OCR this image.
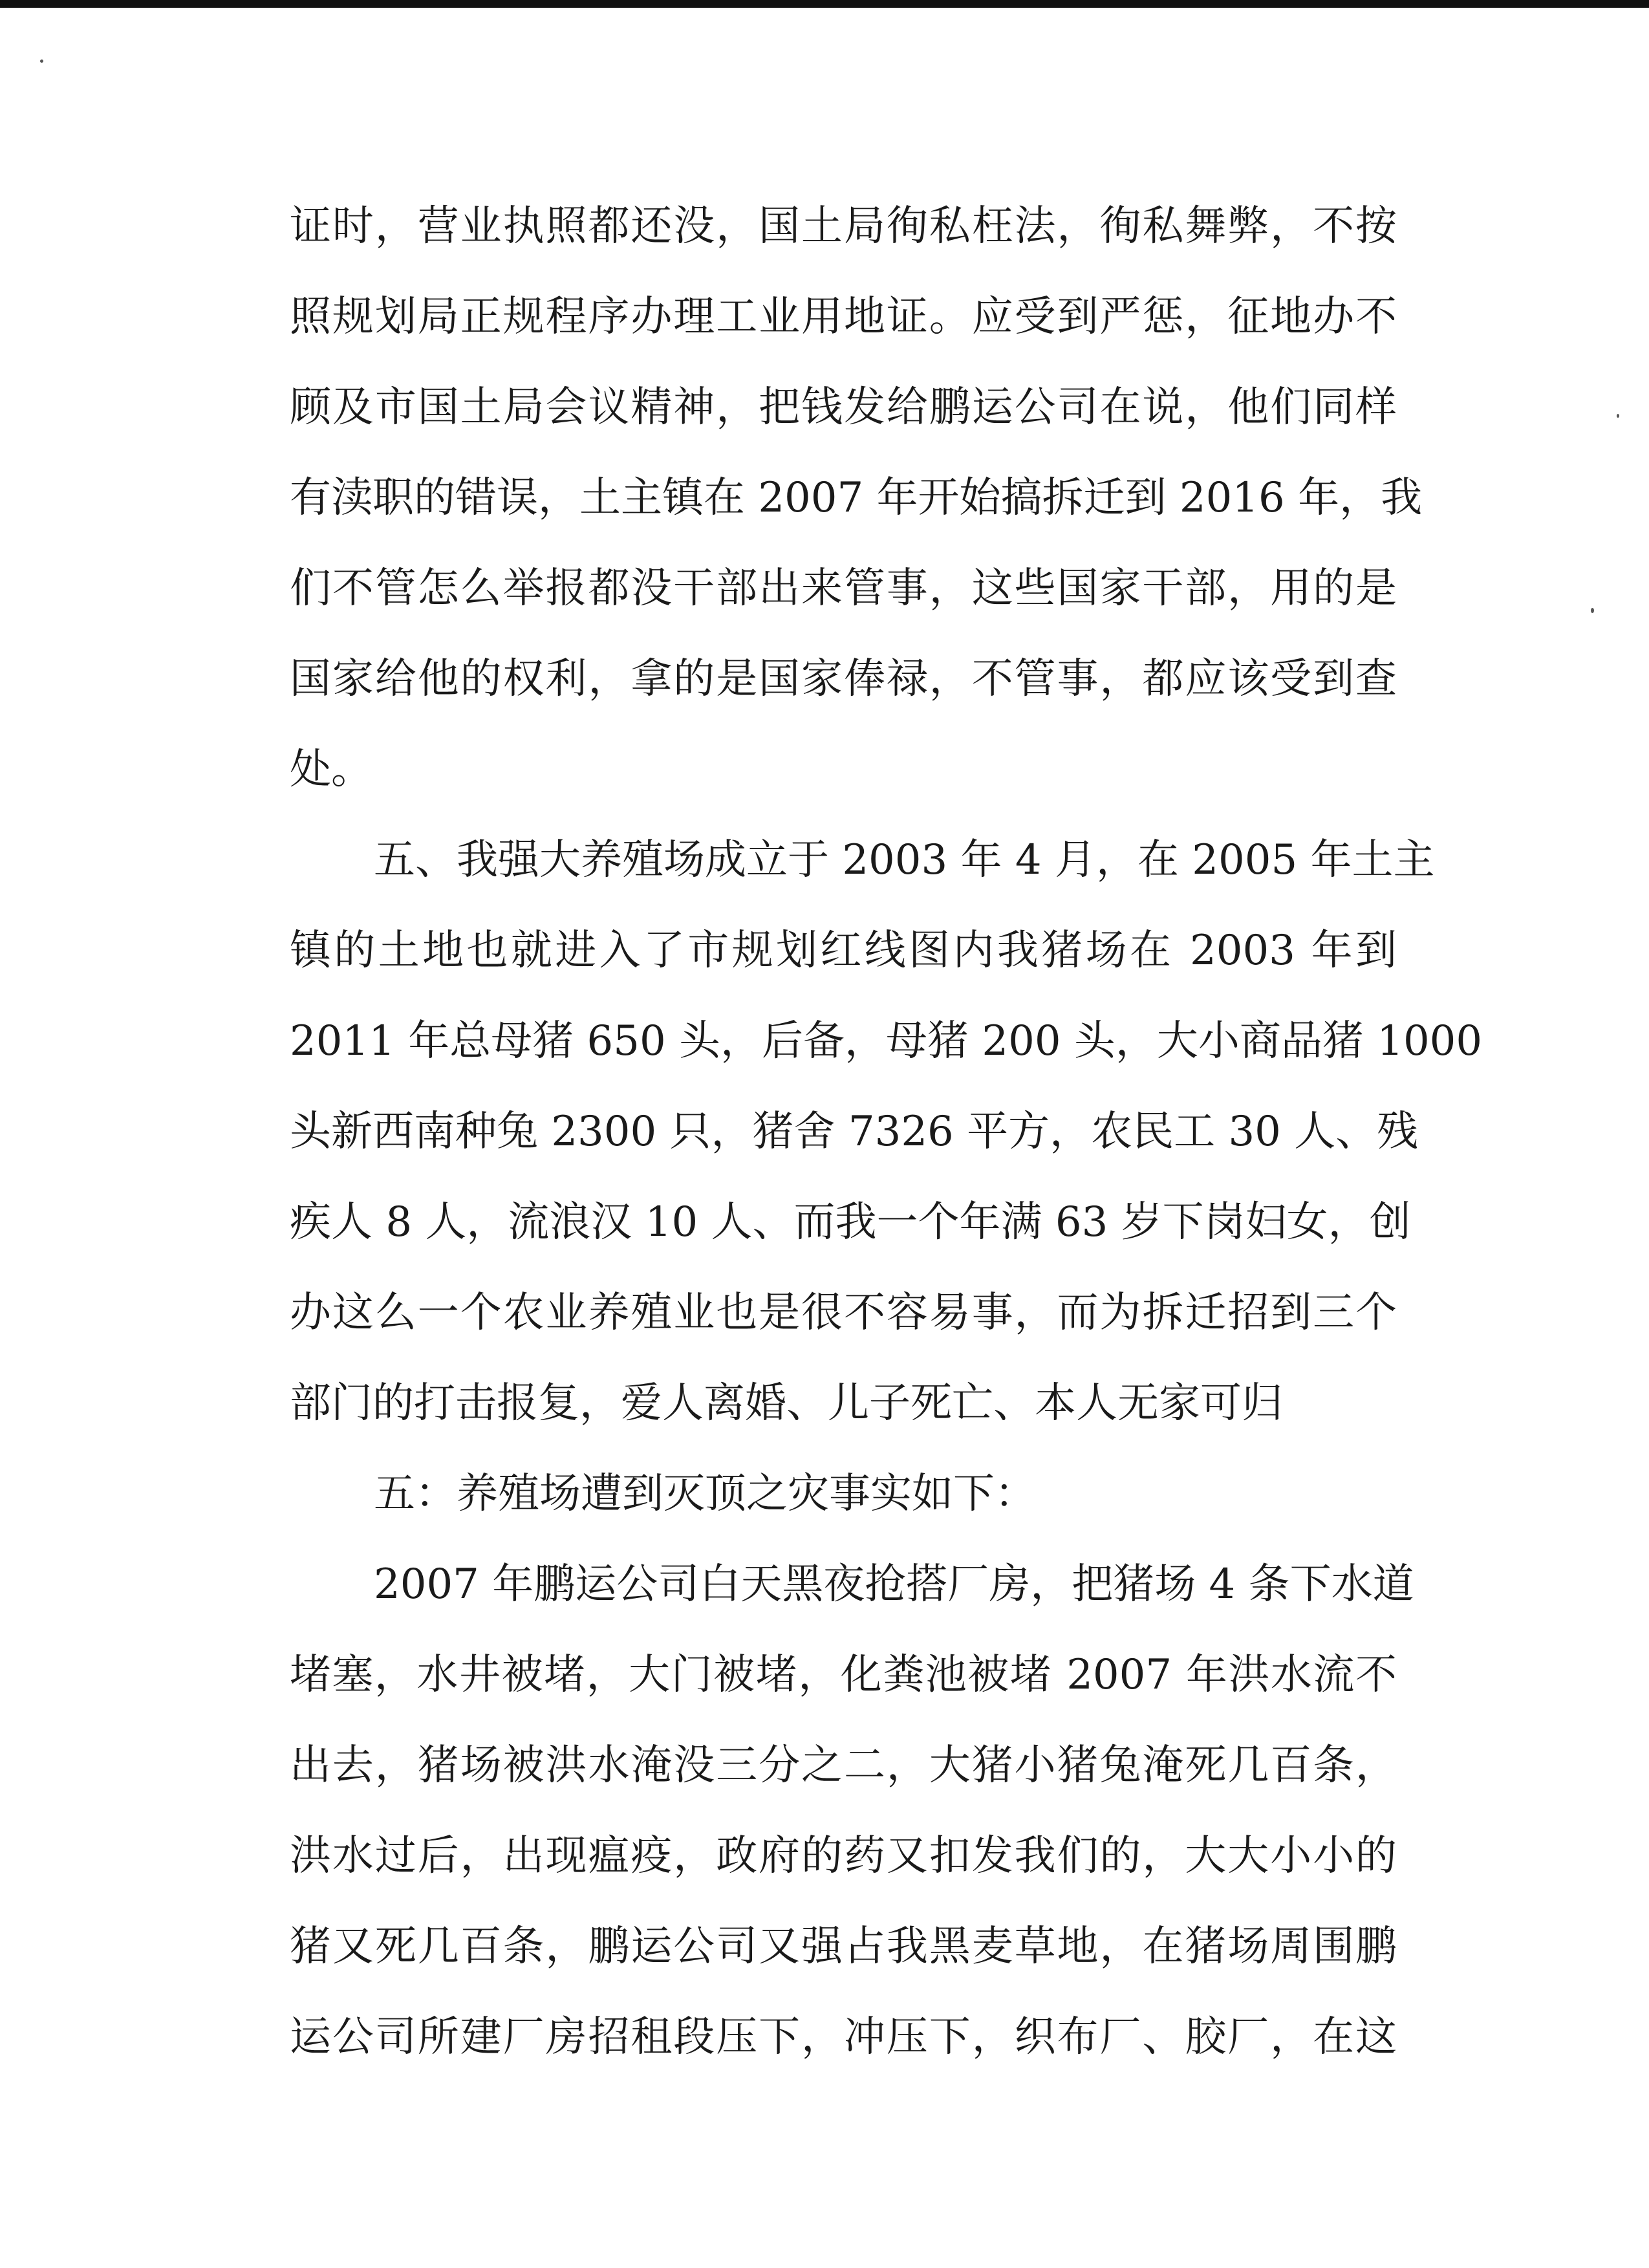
证时，营业执照都还没，国土局徇私枉法，徇私舞弊，不按
照规划局正规程序办理工业用地证。应受到严惩，征地办不
顾及市国土局会议精神，把钱发给鹏运公司在说，他们同样
有渎职的错误，土主镇在 2007 年开始搞拆迁到 2016 年，我
们不管怎么举报都没干部出来管事，这些国家干部，用的是
国家给他的权利，拿的是国家俸禄，不管事，都应该受到查
处。
五、我强大养殖场成立于 2003 年 4 月，在 2005 年土主
镇的土地也就进入了市规划红线图内我猪场在 2003 年到
2011 年总母猪 650 头，后备，母猪 200 头，大小商品猪 1000
头新西南种兔 2300 只，猪舍 7326 平方，农民工 30 人、残
疾人 8 人，流浪汉 10 人、而我一个年满 63 岁下岗妇女，创
办这么一个农业养殖业也是很不容易事，而为拆迁招到三个
部门的打击报复，爱人离婚、儿子死亡、本人无家可归
五：养殖场遭到灭顶之灾事实如下：
2007 年鹏运公司白天黑夜抢搭厂房，把猪场 4 条下水道
堵塞，水井被堵，大门被堵，化粪池被堵 2007 年洪水流不
出去，猪场被洪水淹没三分之二，大猪小猪兔淹死几百条，
洪水过后，出现瘟疫，政府的药又扣发我们的，大大小小的
猪又死几百条，鹏运公司又强占我黑麦草地，在猪场周围鹏
运公司所建厂房招租段压下，冲压下，织布厂、胶厂，在这
